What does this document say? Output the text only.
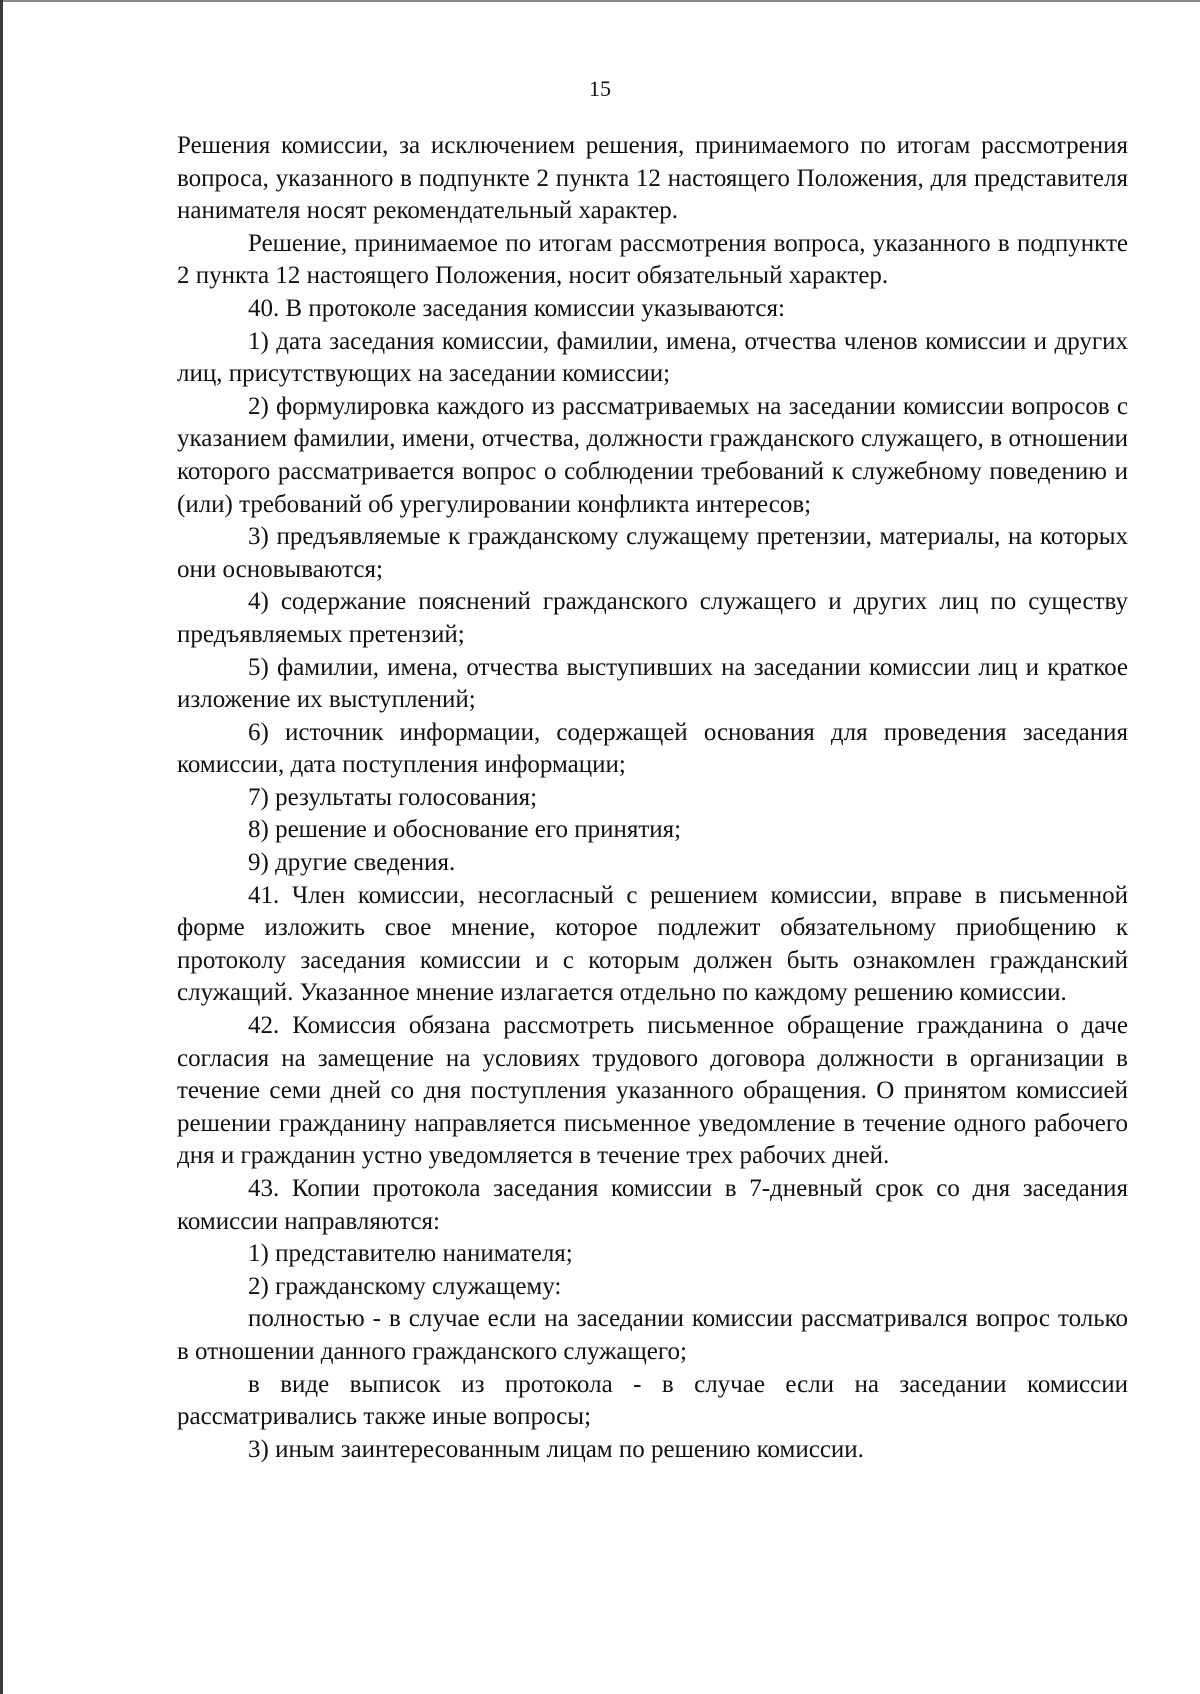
15

Решения комиссии, за исключением решения, принимаемого по итогам рассмотрения вопроса, указанного в подпункте 2 пункта 12 настоящего Положения, для представителя нанимателя носят рекомендательный характер.

Решение, принимаемое по итогам рассмотрения вопроса, указанного в подпункте 2 пункта 12 настоящего Положения, носит обязательный характер.

40. В протоколе заседания комиссии указываются:

1) дата заседания комиссии, фамилии, имена, отчества членов комиссии и других лиц, присутствующих на заседании комиссии;

2) формулировка каждого из рассматриваемых на заседании комиссии вопросов с указанием фамилии, имени, отчества, должности гражданского служащего, в отношении которого рассматривается вопрос о соблюдении требований к служебному поведению и (или) требований об урегулировании конфликта интересов;

3) предъявляемые к гражданскому служащему претензии, материалы, на которых они основываются;

4) содержание пояснений гражданского служащего и других лиц по существу предъявляемых претензий;

5) фамилии, имена, отчества выступивших на заседании комиссии лиц и краткое изложение их выступлений;

6) источник информации, содержащей основания для проведения заседания комиссии, дата поступления информации;

7) результаты голосования;

8) решение и обоснование его принятия;

9) другие сведения.

41. Член комиссии, несогласный с решением комиссии, вправе в письменной форме изложить свое мнение, которое подлежит обязательному приобщению к протоколу заседания комиссии и с которым должен быть ознакомлен гражданский служащий. Указанное мнение излагается отдельно по каждому решению комиссии.

42. Комиссия обязана рассмотреть письменное обращение гражданина о даче согласия на замещение на условиях трудового договора должности в организации в течение семи дней со дня поступления указанного обращения. О принятом комиссией решении гражданину направляется письменное уведомление в течение одного рабочего дня и гражданин устно уведомляется в течение трех рабочих дней.

43. Копии протокола заседания комиссии в 7-дневный срок со дня заседания комиссии направляются:

1) представителю нанимателя;

2) гражданскому служащему:

полностью - в случае если на заседании комиссии рассматривался вопрос только в отношении данного гражданского служащего;

в виде выписок из протокола - в случае если на заседании комиссии рассматривались также иные вопросы;

3) иным заинтересованным лицам по решению комиссии.
